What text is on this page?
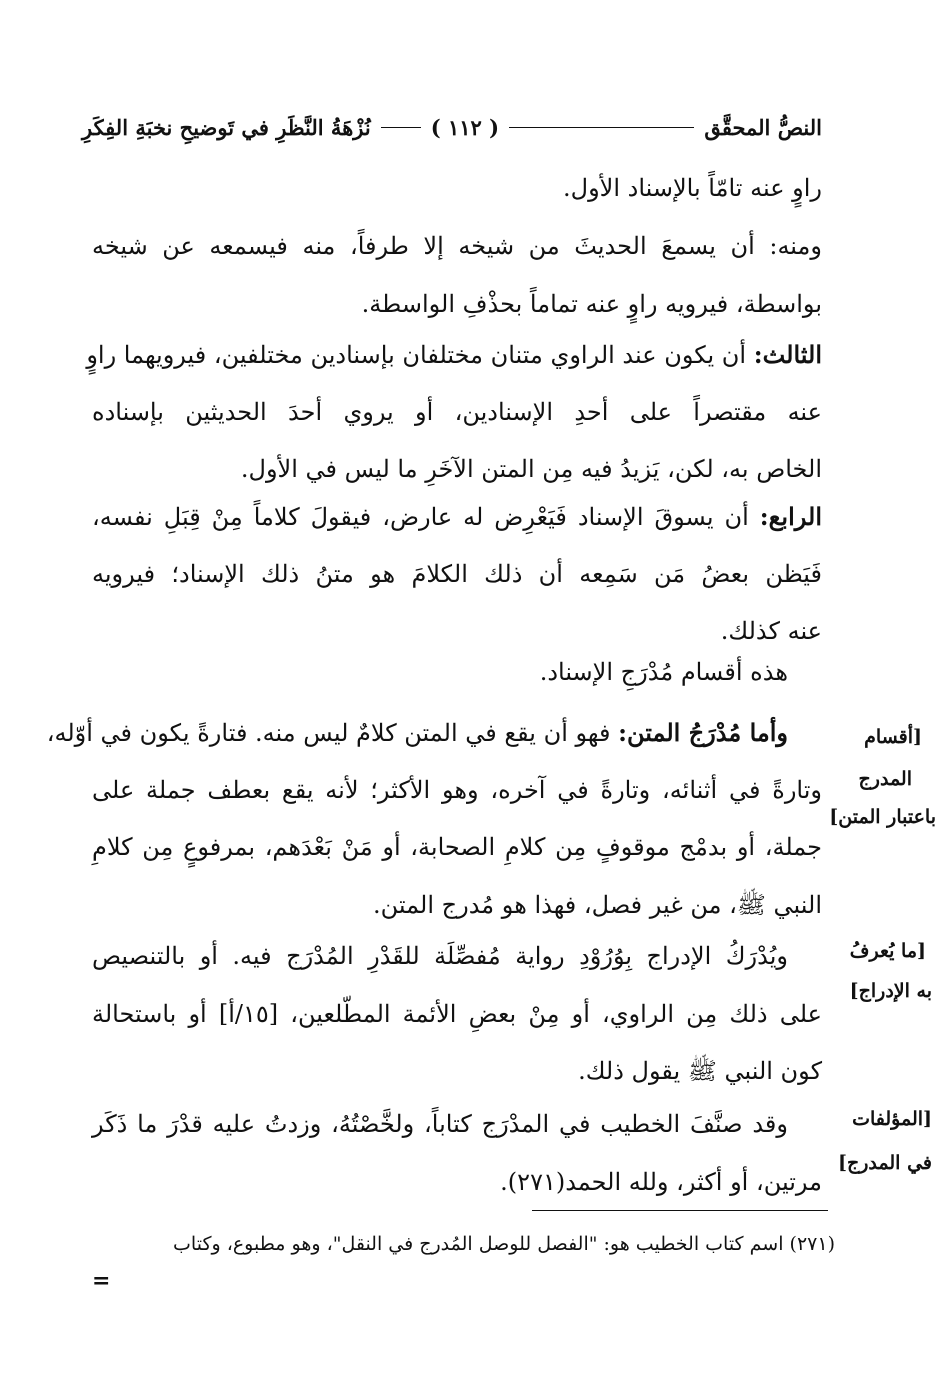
النصُّ المحقَّق
( ١١٢ )
نُزْهَةُ النَّظَرِ في تَوضيحِ نخبَةِ الفِكَرِ
راوٍ عنه تامّاً بالإسناد الأول.
ومنه: أن يسمعَ الحديثَ من شيخه إلا طرفاً، منه فيسمعه عن شيخه
بواسطة، فيرويه راوٍ عنه تماماً بحذْفِ الواسطة.
الثالث: أن يكون عند الراوي متنان مختلفان بإسنادين مختلفين، فيرويهما راوٍ
عنه مقتصراً على أحدِ الإسنادين، أو يروي أحدَ الحديثين بإسناده
الخاص به، لكن، يَزيدُ فيه مِن المتن الآخَرِ ما ليس في الأول.
الرابع: أن يسوقَ الإسناد فَيَعْرِض له عارض، فيقولَ كلاماً مِنْ قِبَلِ نفسه،
فَيَظن بعضُ مَن سَمِعه أن ذلك الكلامَ هو متنُ ذلك الإسناد؛ فيرويه
عنه كذلك.
هذه أقسام مُدْرَجِ الإسناد.
وأما مُدْرَجُ المتن: فهو أن يقع في المتن كلامٌ ليس منه. فتارةً يكون في أوّله،
وتارةً في أثنائه، وتارةً في آخره، وهو الأكثر؛ لأنه يقع بعطف جملة على
جملة، أو بدمْج موقوفٍ مِن كلامِ الصحابة، أو مَنْ بَعْدَهم، بمرفوعٍ مِن كلامِ
النبي ﷺ، من غير فصل، فهذا هو مُدرج المتن.
ويُدْرَكُ الإدراج بِوُرُوْدِ رواية مُفصِّلَة للقَدْرِ المُدْرَج فيه. أو بالتنصيص
على ذلك مِن الراوي، أو مِنْ بعضِ الأئمة المطّلعين، [١٥/أ] أو باستحالة
كون النبي ﷺ يقول ذلك.
وقد صنَّفَ الخطيب في المدْرَج كتاباً، ولخَّصْتُهُ، وزدتُ عليه قدْرَ ما ذَكَر
مرتين، أو أكثر، ولله الحمد(٢٧١).
[أقسام
المدرج
باعتبار المتن]
[ما يُعرفُ
به الإدراج]
[المؤلفات
في المدرج]
(٢٧١) اسم كتاب الخطيب هو: "الفصل للوصل المُدرج في النقل"، وهو مطبوع، وكتاب
=
